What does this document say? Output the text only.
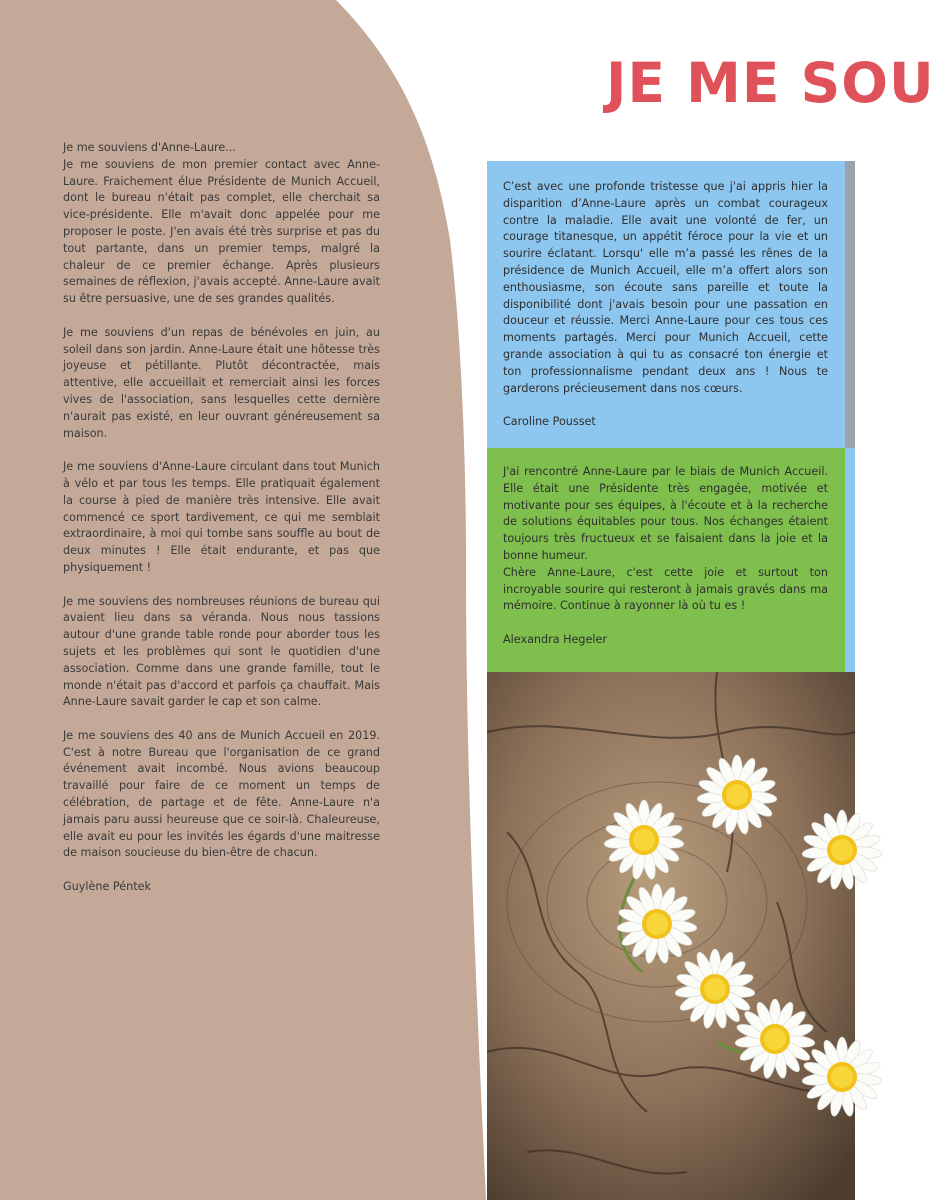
JE ME SOU

Je me souviens d'Anne-Laure...
Je me souviens de mon premier contact avec Anne-Laure. Fraichement élue Présidente de Munich Accueil, dont le bureau n'était pas complet, elle cherchait sa vice-présidente. Elle m'avait donc appelée pour me proposer le poste. J'en avais été très surprise et pas du tout partante, dans un premier temps, malgré la chaleur de ce premier échange. Après plusieurs semaines de réflexion, j'avais accepté. Anne-Laure avait su être persuasive, une de ses grandes qualités.

Je me souviens d'un repas de bénévoles en juin, au soleil dans son jardin. Anne-Laure était une hôtesse très joyeuse et pétillante. Plutôt décontractée, mais attentive, elle accueillait et remerciait ainsi les forces vives de l'association, sans lesquelles cette dernière n'aurait pas existé, en leur ouvrant généreusement sa maison.

Je me souviens d'Anne-Laure circulant dans tout Munich à vélo et par tous les temps. Elle pratiquait également la course à pied de manière très intensive. Elle avait commencé ce sport tardivement, ce qui me semblait extraordinaire, à moi qui tombe sans souffle au bout de deux minutes ! Elle était endurante, et pas que physiquement !

Je me souviens des nombreuses réunions de bureau qui avaient lieu dans sa véranda. Nous nous tassions autour d'une grande table ronde pour aborder tous les sujets et les problèmes qui sont le quotidien d'une association. Comme dans une grande famille, tout le monde n'était pas d'accord et parfois ça chauffait. Mais Anne-Laure savait garder le cap et son calme.

Je me souviens des 40 ans de Munich Accueil en 2019. C'est à notre Bureau que l'organisation de ce grand événement avait incombé. Nous avions beaucoup travaillé pour faire de ce moment un temps de célébration, de partage et de fête. Anne-Laure n'a jamais paru aussi heureuse que ce soir-là. Chaleureuse, elle avait eu pour les invités les égards d'une maitresse de maison soucieuse du bien-être de chacun.

Guylène Péntek

C’est avec une profonde tristesse que j'ai appris hier la disparition d’Anne-Laure après un combat courageux contre la maladie. Elle avait une volonté de fer, un courage titanesque, un appétit féroce pour la vie et un sourire éclatant. Lorsqu' elle m’a passé les rênes de la présidence de Munich Accueil, elle m’a offert alors son enthousiasme, son écoute sans pareille et toute la disponibilité dont j'avais besoin pour une passation en douceur et réussie. Merci Anne-Laure pour ces tous ces moments partagés. Merci pour Munich Accueil, cette grande association à qui tu as consacré ton énergie et ton professionnalisme pendant deux ans ! Nous te garderons précieusement dans nos cœurs.

Caroline Pousset

J'ai rencontré Anne-Laure par le biais de Munich Accueil. Elle était une Présidente très engagée, motivée et motivante pour ses équipes, à l'écoute et à la recherche de solutions équitables pour tous. Nos échanges étaient toujours très fructueux et se faisaient dans la joie et la bonne humeur.
Chère Anne-Laure, c'est cette joie et surtout ton incroyable sourire qui resteront à jamais gravés dans ma mémoire. Continue à rayonner là où tu es !

Alexandra Hegeler
